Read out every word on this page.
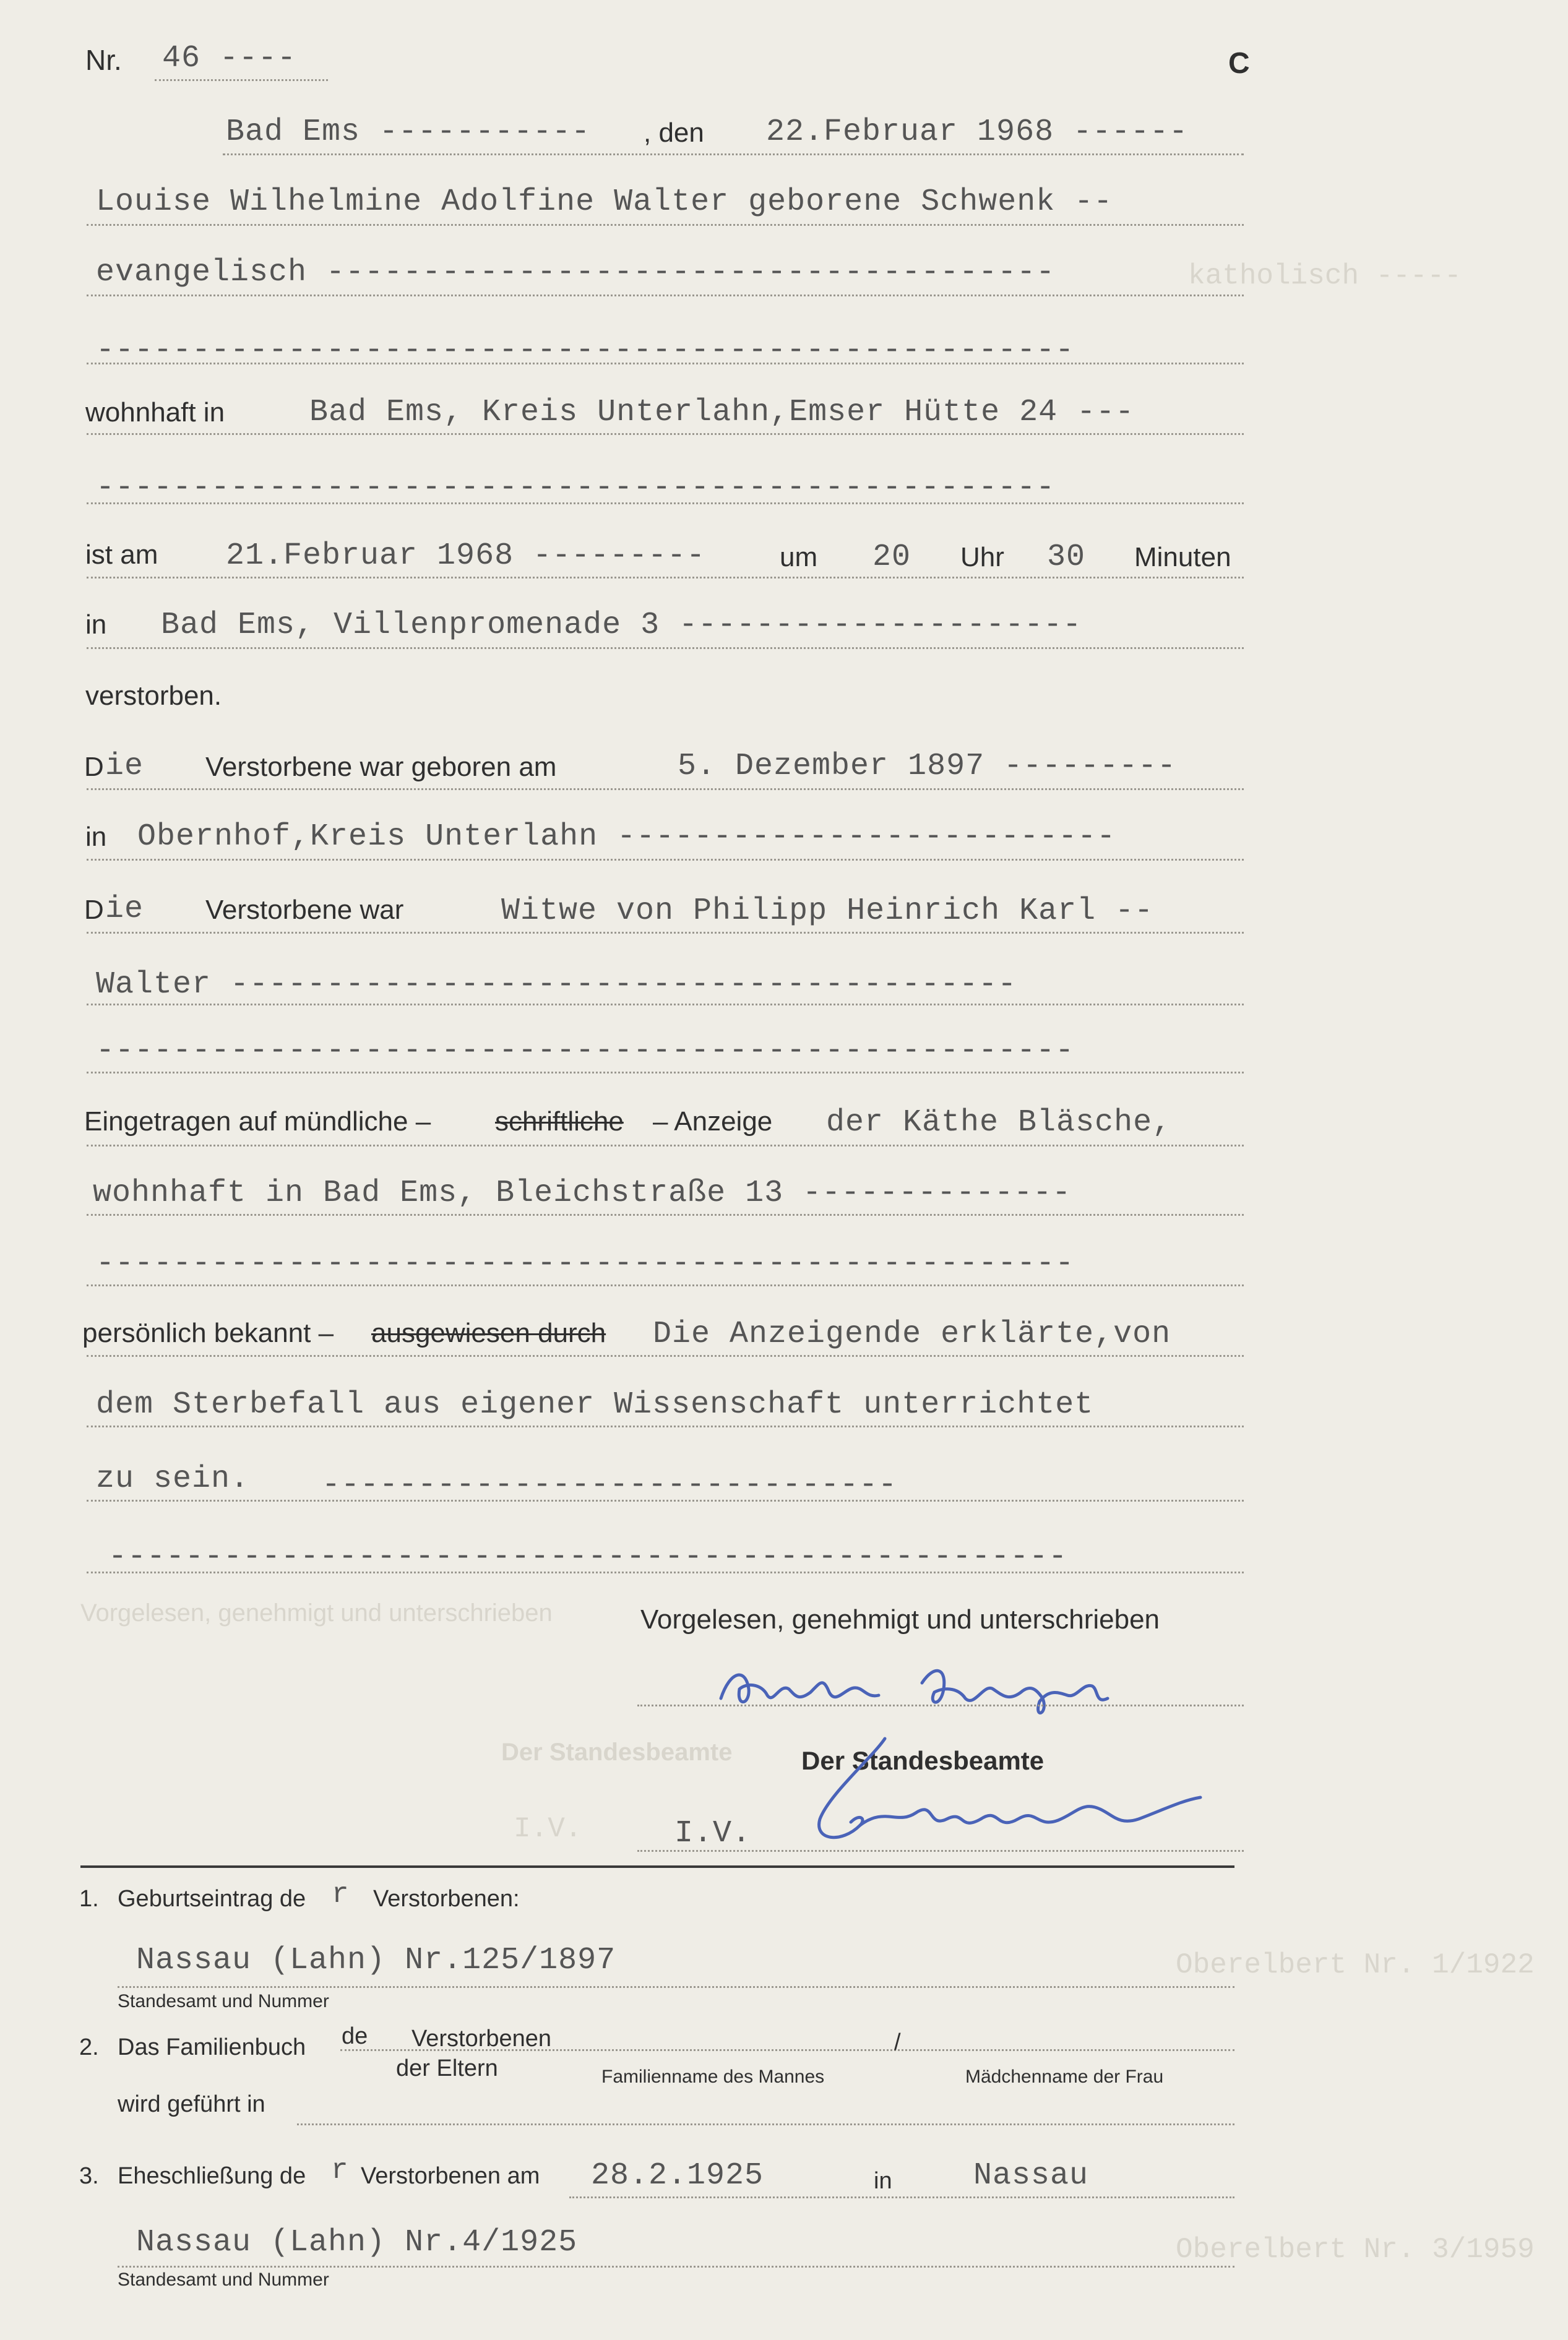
katholisch -----
Der Standesbeamte
Oberelbert Nr. 1/1922
Oberelbert Nr. 3/1959
Vorgelesen, genehmigt und unterschrieben
I.V.
Nr. 46 ----	C
Bad Ems ----------- , den 22.Februar 1968 ------
Louise Wilhelmine Adolfine Walter geborene Schwenk --
evangelisch --------------------------------------
---------------------------------------------------
wohnhaft in	Bad Ems, Kreis Unterlahn,Emser Hütte 24 ---
--------------------------------------------------
ist am 21.Februar 1968 ---------	um 20 Uhr 30 Minuten
in Bad Ems, Villenpromenade 3 ---------------------
verstorben.
D ie Verstorbene war geboren am	5. Dezember 1897 ---------
in Obernhof,Kreis Unterlahn --------------------------
D ie Verstorbene war	Witwe von Philipp Heinrich Karl --
Walter -----------------------------------------
---------------------------------------------------
Eingetragen auf mündliche – schriftliche – Anzeige der Käthe Bläsche,
wohnhaft in Bad Ems, Bleichstraße 13 --------------
---------------------------------------------------
persönlich bekannt – ausgewiesen durch Die Anzeigende erklärte,von
dem Sterbefall aus eigener Wissenschaft unterrichtet
zu sein. ------------------------------
--------------------------------------------------
Vorgelesen, genehmigt und unterschrieben
Der Standesbeamte
I.V.
1. Geburtseintrag de r Verstorbenen:
Nassau (Lahn) Nr.125/1897
Standesamt und Nummer
2. Das Familienbuch de Verstorbenen
der Eltern
/
Familienname des Mannes	Mädchenname der Frau
wird geführt in
3. Eheschließung de r Verstorbenen am 28.2.1925	in	Nassau
Nassau (Lahn) Nr.4/1925
Standesamt und Nummer
